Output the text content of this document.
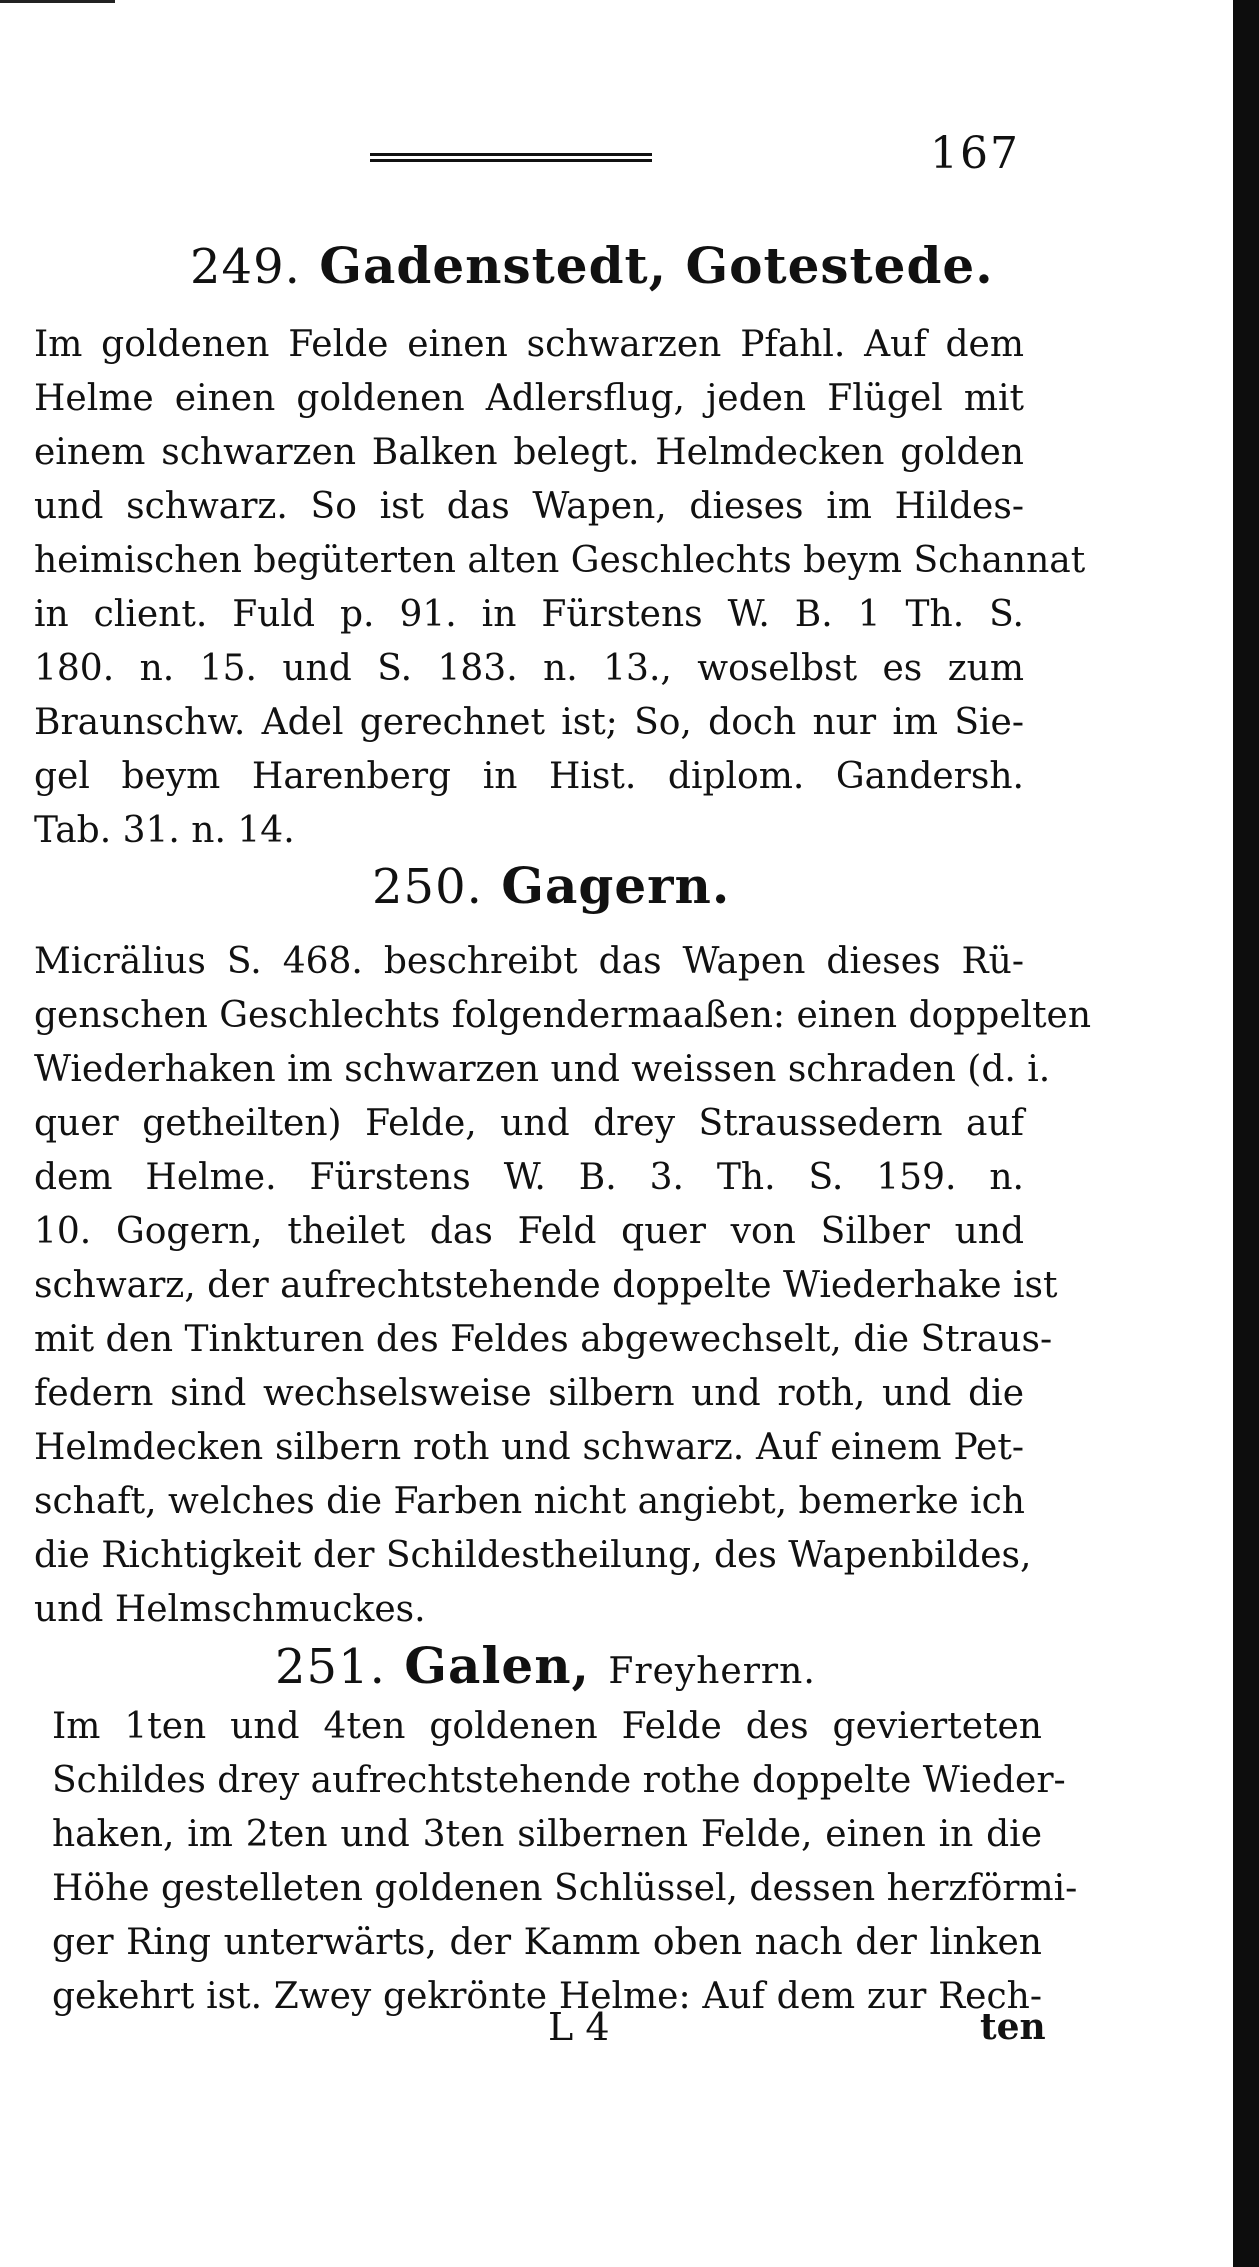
167
249. Gadenstedt, Gotestede.
Im goldenen Felde einen schwarzen Pfahl. Auf dem
Helme einen goldenen Adlersflug, jeden Flügel mit
einem schwarzen Balken belegt. Helmdecken golden
und schwarz. So ist das Wapen, dieses im Hildes-
heimischen begüterten alten Geschlechts beym Schannat
in client. Fuld p. 91. in Fürstens W. B. 1 Th. S.
180. n. 15. und S. 183. n. 13., woselbst es zum
Braunschw. Adel gerechnet ist; So, doch nur im Sie-
gel beym Harenberg in Hist. diplom. Gandersh.
Tab. 31. n. 14.
250. Gagern.
Micrälius S. 468. beschreibt das Wapen dieses Rü-
genschen Geschlechts folgendermaaßen: einen doppelten
Wiederhaken im schwarzen und weissen schraden (d. i.
quer getheilten) Felde, und drey Straussedern auf
dem Helme. Fürstens W. B. 3. Th. S. 159. n.
10. Gogern, theilet das Feld quer von Silber und
schwarz, der aufrechtstehende doppelte Wiederhake ist
mit den Tinkturen des Feldes abgewechselt, die Straus-
federn sind wechselsweise silbern und roth, und die
Helmdecken silbern roth und schwarz. Auf einem Pet-
schaft, welches die Farben nicht angiebt, bemerke ich
die Richtigkeit der Schildestheilung, des Wapenbildes,
und Helmschmuckes.
251. Galen, Freyherrn.
Im 1ten und 4ten goldenen Felde des gevierteten
Schildes drey aufrechtstehende rothe doppelte Wieder-
haken, im 2ten und 3ten silbernen Felde, einen in die
Höhe gestelleten goldenen Schlüssel, dessen herzförmi-
ger Ring unterwärts, der Kamm oben nach der linken
gekehrt ist. Zwey gekrönte Helme: Auf dem zur Rech-
L 4	ten
